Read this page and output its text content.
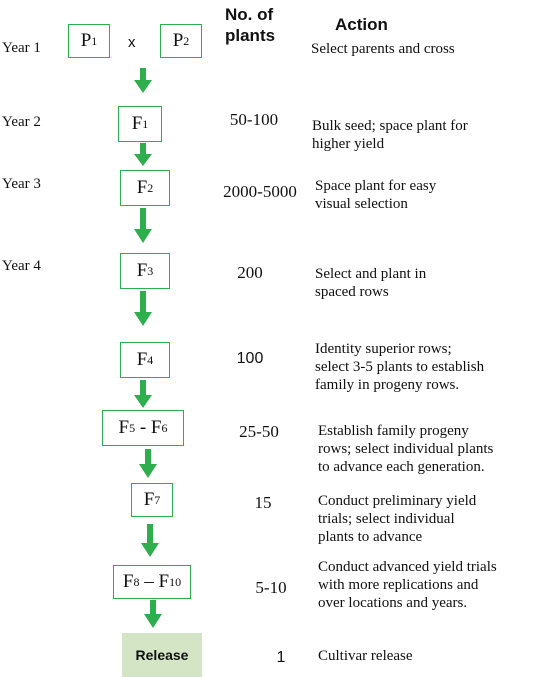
No. of
plants
Action
Year 1
Year 2
Year 3
Year 4
P 1 x P 2
F 1
F 2
F 3
F 4
F 5 - F 6
F 7
F 8 – F 10
Release
50-100
2000-5000
200
100
25-50
15
5-10
1
Select parents and cross
Bulk seed; space plant for
higher yield
Space plant for easy
visual selection
Select and plant in
spaced rows
Identity superior rows;
select 3-5 plants to establish
family in progeny rows.
Establish family progeny
rows; select individual plants
to advance each generation.
Conduct preliminary yield
trials; select individual
plants to advance
Conduct advanced yield trials
with more replications and
over locations and years.
Cultivar release
